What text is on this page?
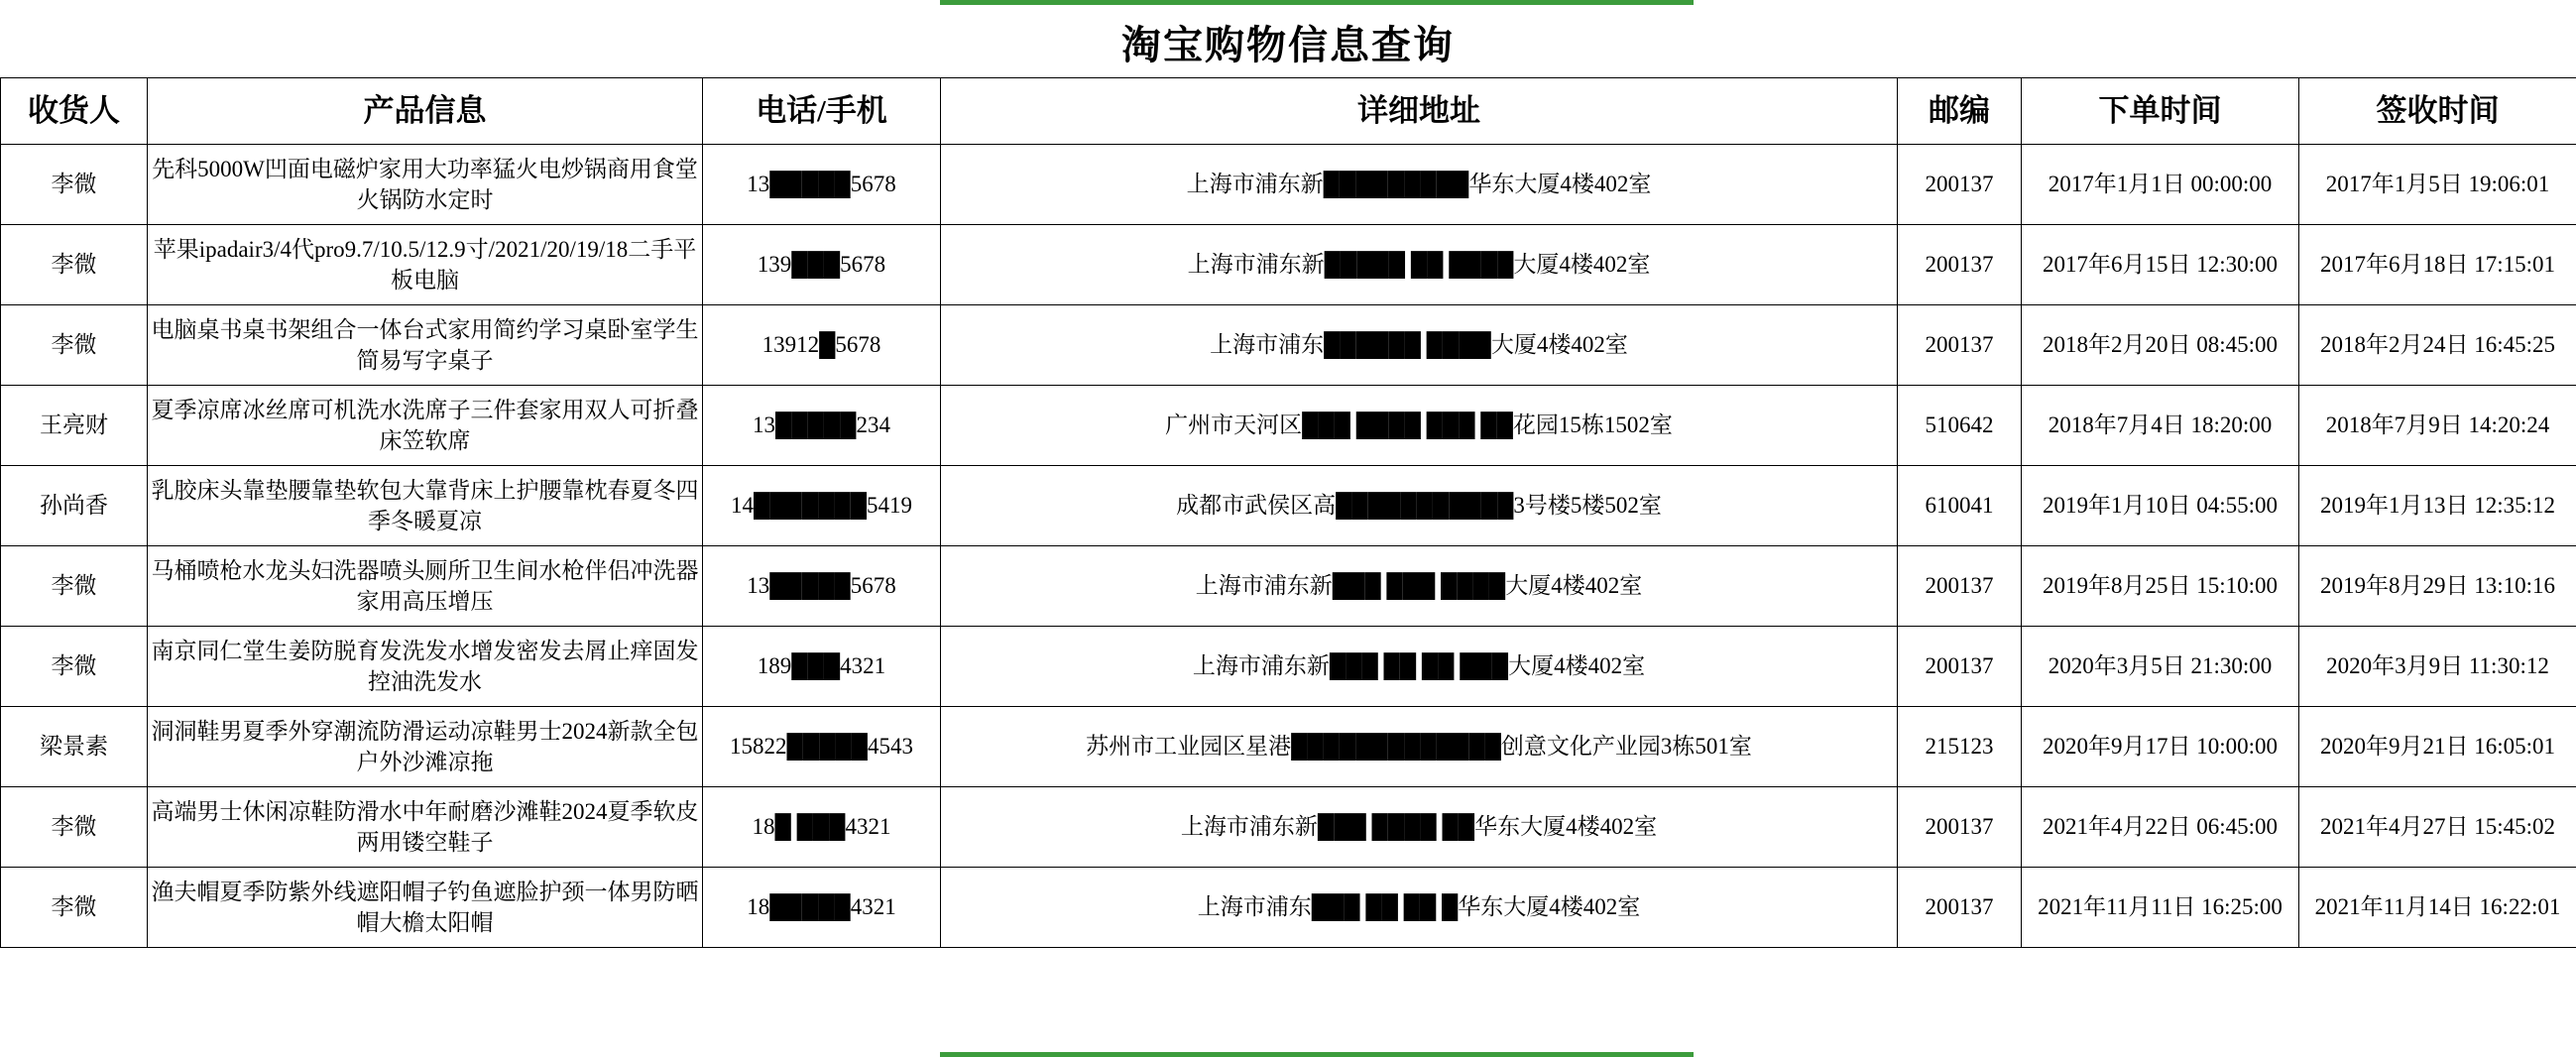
淘宝购物信息查询
收货人	产品信息	电话/手机	详细地址	邮编	下单时间	签收时间
李微	先科5000W凹面电磁炉家用大功率猛火电炒锅商用食堂火锅防水定时	13█████5678	上海市浦东新█████████华东大厦4楼402室	200137	2017年1月1日 00:00:00	2017年1月5日 19:06:01
李微	苹果ipadair3/4代pro9.7/10.5/12.9寸/2021/20/19/18二手平板电脑	139███5678	上海市浦东新█████ ██ ████大厦4楼402室	200137	2017年6月15日 12:30:00	2017年6月18日 17:15:01
李微	电脑桌书桌书架组合一体台式家用简约学习桌卧室学生简易写字桌子	13912█5678	上海市浦东██████ ████大厦4楼402室	200137	2018年2月20日 08:45:00	2018年2月24日 16:45:25
王亮财	夏季凉席冰丝席可机洗水洗席子三件套家用双人可折叠床笠软席	13█████234	广州市天河区███ ████ ███ ██花园15栋1502室	510642	2018年7月4日 18:20:00	2018年7月9日 14:20:24
孙尚香	乳胶床头靠垫腰靠垫软包大靠背床上护腰靠枕春夏冬四季冬暖夏凉	14███████5419	成都市武侯区高███████████3号楼5楼502室	610041	2019年1月10日 04:55:00	2019年1月13日 12:35:12
李微	马桶喷枪水龙头妇洗器喷头厕所卫生间水枪伴侣冲洗器家用高压增压	13█████5678	上海市浦东新███ ███ ████大厦4楼402室	200137	2019年8月25日 15:10:00	2019年8月29日 13:10:16
李微	南京同仁堂生姜防脱育发洗发水增发密发去屑止痒固发控油洗发水	189███4321	上海市浦东新███ ██ ██ ███大厦4楼402室	200137	2020年3月5日 21:30:00	2020年3月9日 11:30:12
梁景素	洞洞鞋男夏季外穿潮流防滑运动凉鞋男士2024新款全包户外沙滩凉拖	15822█████4543	苏州市工业园区星港█████████████创意文化产业园3栋501室	215123	2020年9月17日 10:00:00	2020年9月21日 16:05:01
李微	高端男士休闲凉鞋防滑水中年耐磨沙滩鞋2024夏季软皮两用镂空鞋子	18█ ███4321	上海市浦东新███ ████ ██华东大厦4楼402室	200137	2021年4月22日 06:45:00	2021年4月27日 15:45:02
李微	渔夫帽夏季防紫外线遮阳帽子钓鱼遮脸护颈一体男防晒帽大檐太阳帽	18█████4321	上海市浦东███ ██ ██ █华东大厦4楼402室	200137	2021年11月11日 16:25:00	2021年11月14日 16:22:01
